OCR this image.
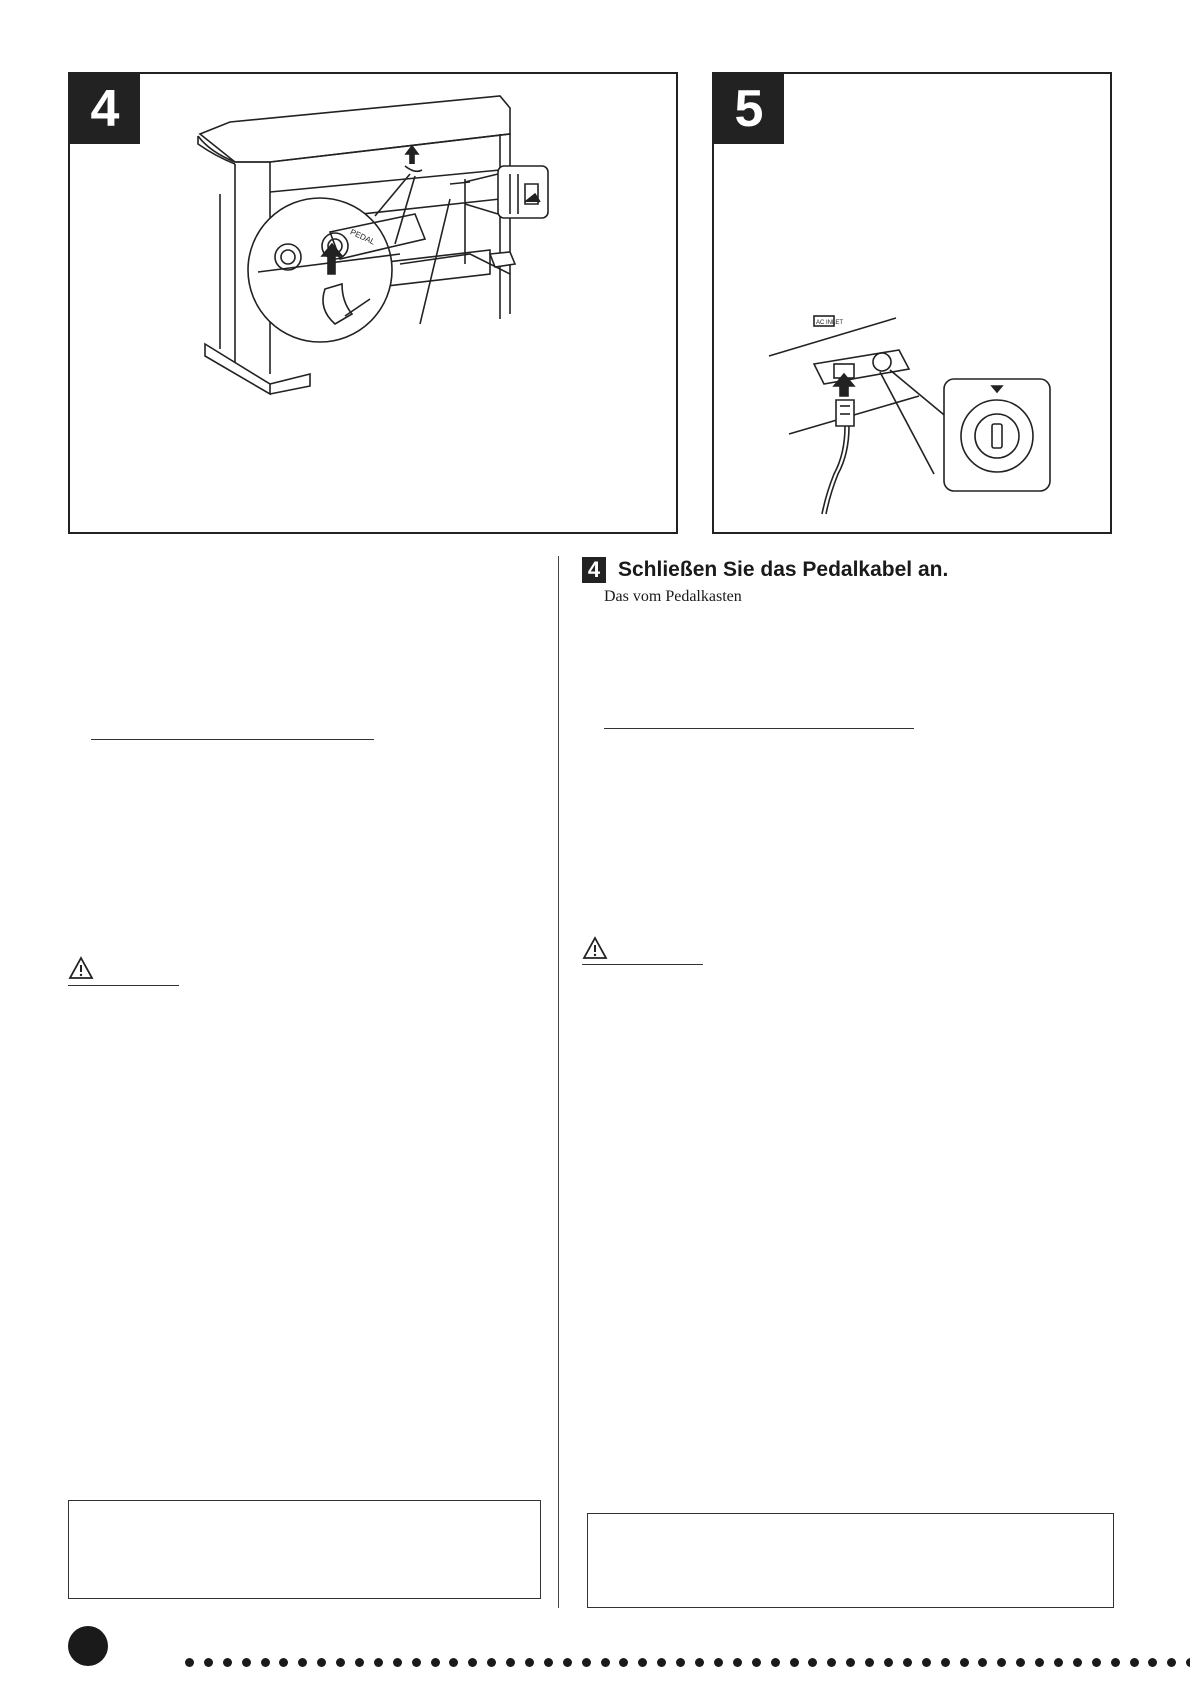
4
PEDAL
5
AC INLET
4 Schließen Sie das Pedalkabel an.
Das vom Pedalkasten
